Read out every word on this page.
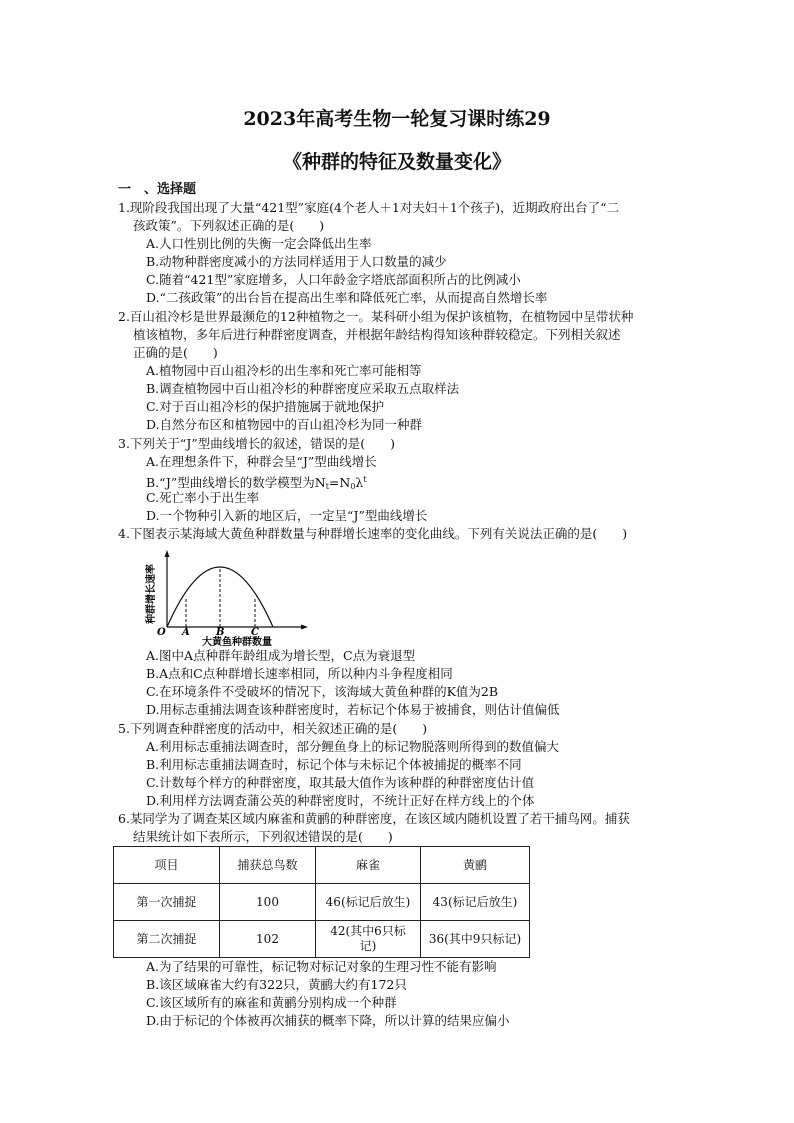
2023年高考生物一轮复习课时练29
《种群的特征及数量变化》
一　、选择题
1.现阶段我国出现了大量“421型”家庭(4个老人＋1对夫妇＋1个孩子)，近期政府出台了“二
孩政策”。下列叙述正确的是(　　)
A.人口性别比例的失衡一定会降低出生率
B.动物种群密度减小的方法同样适用于人口数量的减少
C.随着“421型”家庭增多，人口年龄金字塔底部面积所占的比例减小
D.“二孩政策”的出台旨在提高出生率和降低死亡率，从而提高自然增长率
2.百山祖冷杉是世界最濒危的12种植物之一。某科研小组为保护该植物，在植物园中呈带状种
植该植物，多年后进行种群密度调查，并根据年龄结构得知该种群较稳定。下列相关叙述
正确的是(　　)
A.植物园中百山祖冷杉的出生率和死亡率可能相等
B.调查植物园中百山祖冷杉的种群密度应采取五点取样法
C.对于百山祖冷杉的保护措施属于就地保护
D.自然分布区和植物园中的百山祖冷杉为同一种群
3.下列关于“J”型曲线增长的叙述，错误的是(　　)
A.在理想条件下，种群会呈“J”型曲线增长
B.“J”型曲线增长的数学模型为$N_t=N_0\lambda^t$
C.死亡率小于出生率
D.一个物种引入新的地区后，一定呈“J”型曲线增长
4.下图表示某海域大黄鱼种群数量与种群增长速率的变化曲线。下列有关说法正确的是(　　)
种群增长速率
O A	B	C
大黄鱼种群数量
A.图中A点种群年龄组成为增长型，C点为衰退型
B.A点和C点种群增长速率相同，所以种内斗争程度相同
C.在环境条件不受破坏的情况下，该海域大黄鱼种群的K值为2B
D.用标志重捕法调查该种群密度时，若标记个体易于被捕食，则估计值偏低
5.下列调查种群密度的活动中，相关叙述正确的是(　　)
A.利用标志重捕法调查时，部分鲤鱼身上的标记物脱落则所得到的数值偏大
B.利用标志重捕法调查时，标记个体与未标记个体被捕捉的概率不同
C.计数每个样方的种群密度，取其最大值作为该种群的种群密度估计值
D.利用样方法调查蒲公英的种群密度时，不统计正好在样方线上的个体
6.某同学为了调查某区域内麻雀和黄鹂的种群密度，在该区域内随机设置了若干捕鸟网。捕获
结果统计如下表所示，下列叙述错误的是(　　)
项目	捕获总鸟数	麻雀	黄鹂
第一次捕捉	100	46(标记后放生)	43(标记后放生)
第二次捕捉	102	42(其中6只标记)	36(其中9只标记)
A.为了结果的可靠性，标记物对标记对象的生理习性不能有影响
B.该区域麻雀大约有322只，黄鹂大约有172只
C.该区域所有的麻雀和黄鹂分别构成一个种群
D.由于标记的个体被再次捕获的概率下降，所以计算的结果应偏小
